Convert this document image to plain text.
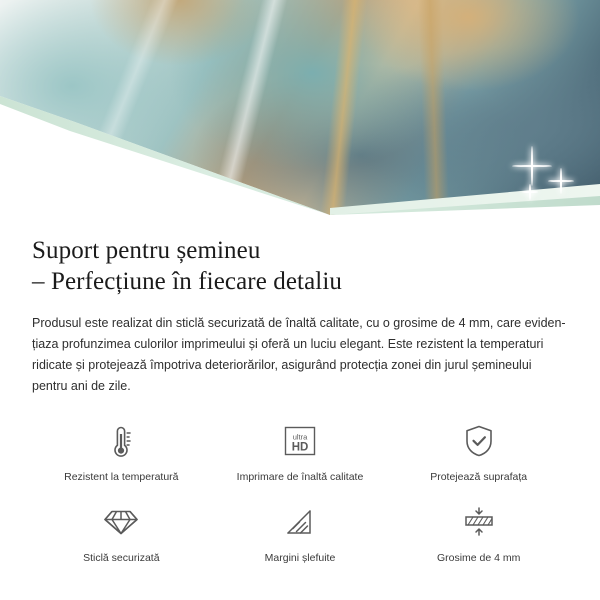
Suport pentru șemineu
– Perfecțiune în fiecare detaliu

Produsul este realizat din sticlă securizată de înaltă calitate, cu o grosime de 4 mm, care eviden-țiaza profunzimea culorilor imprimeului și oferă un luciu elegant. Este rezistent la temperaturi ridicate și protejează împotriva deteriorărilor, asigurând protecția zonei din jurul șemineului pentru ani de zile.

Rezistent la temperatură
ultra
HD
Imprimare de înaltă calitate	Protejează suprafața
Sticlă securizată	Margini șlefuite	Grosime de 4 mm
